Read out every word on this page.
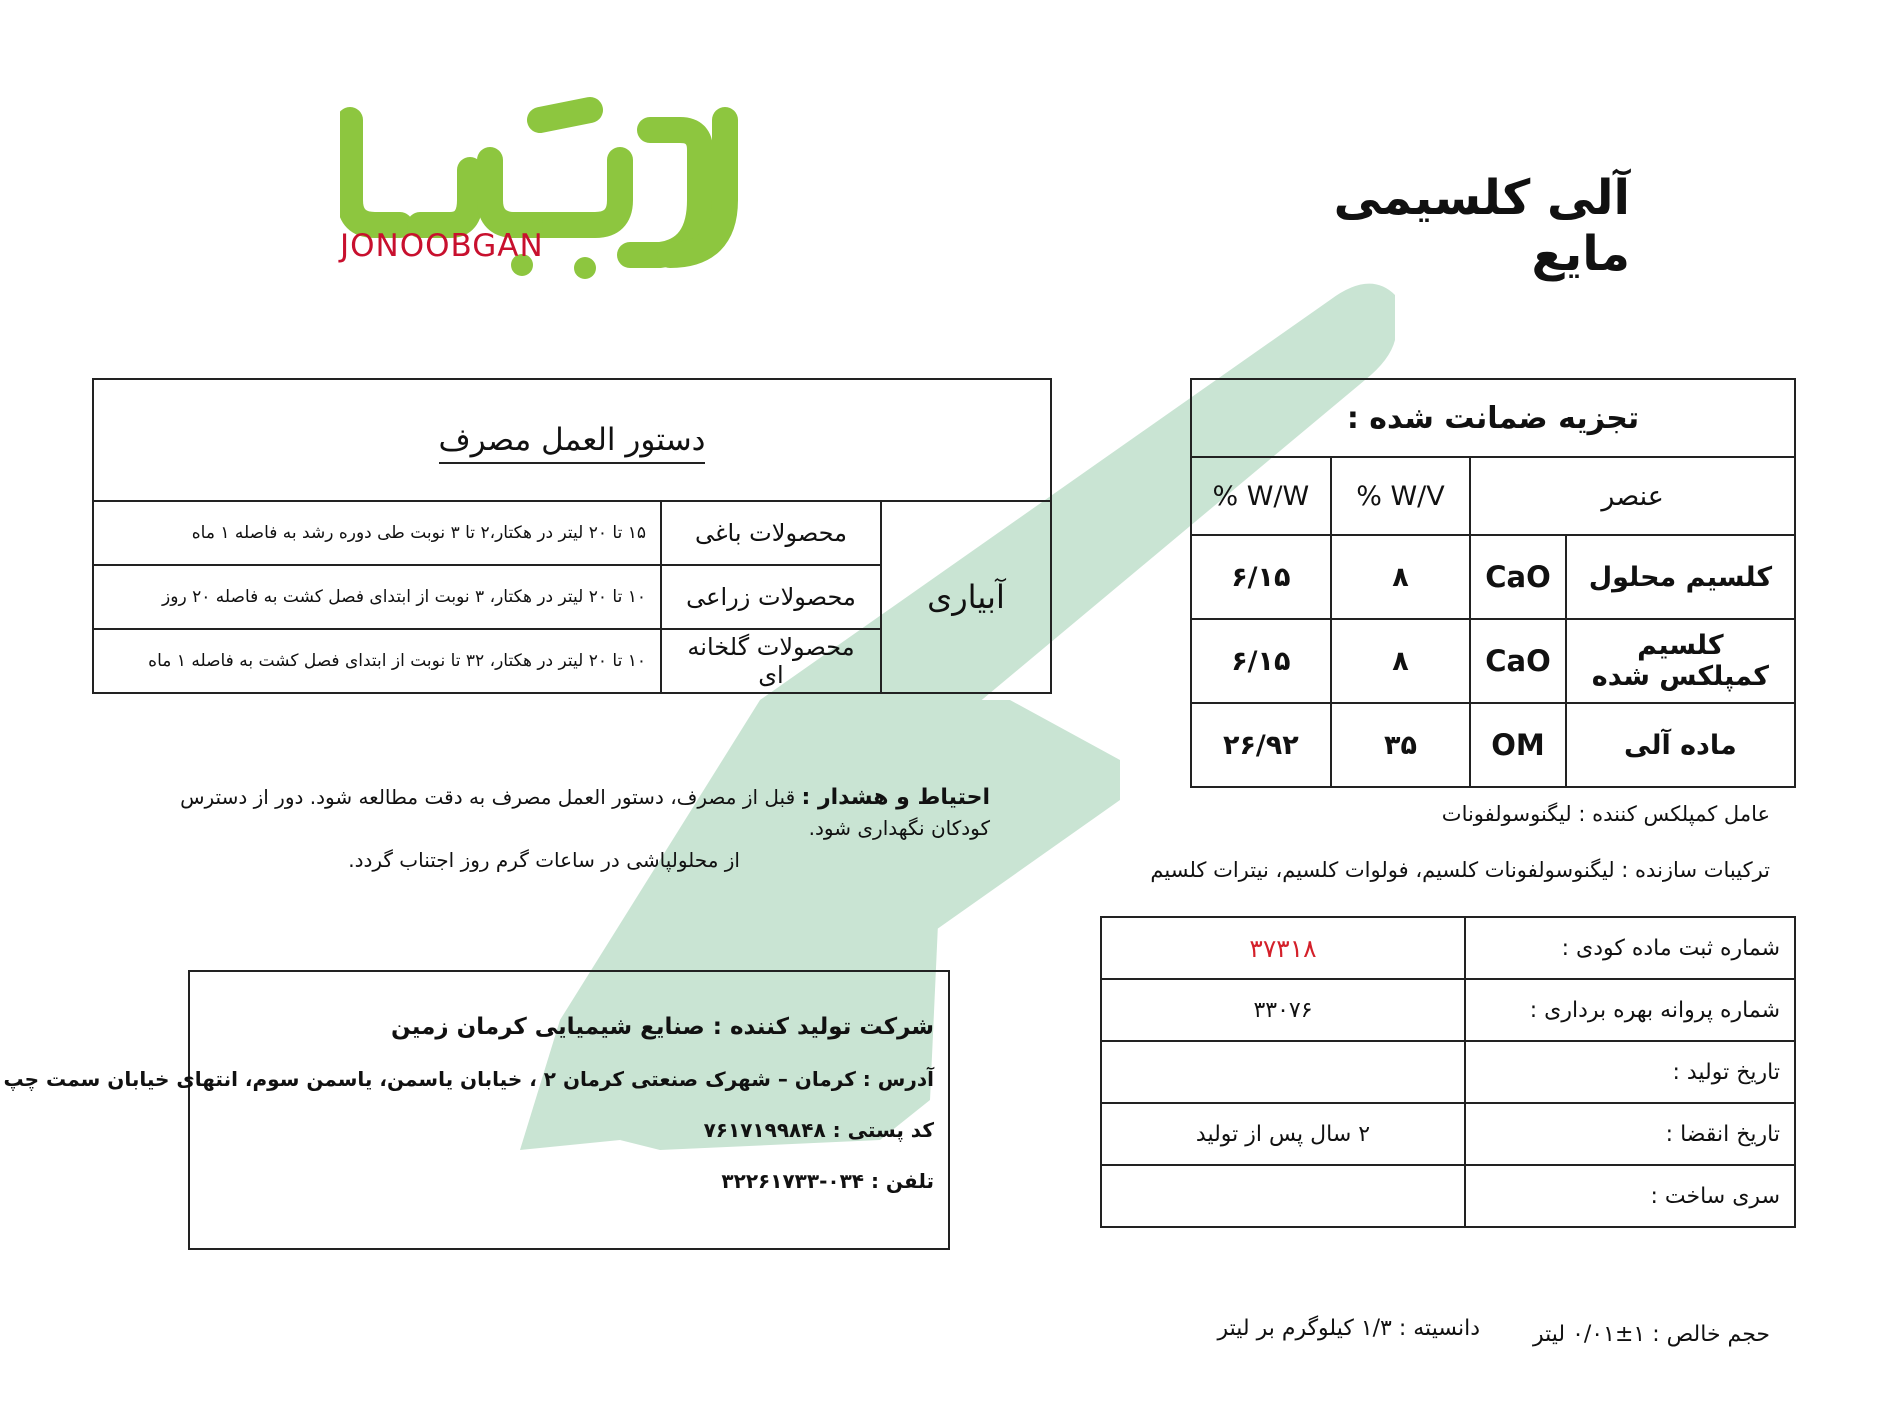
JONOOBGAN
آلی کلسیمی مایع
دستور العمل مصرف		
آبیاری	محصولات باغی	۱۵ تا ۲۰ لیتر در هکتار،۲ تا ۳ نوبت طی دوره رشد به فاصله ۱ ماه
	محصولات زراعی	۱۰ تا ۲۰ لیتر در هکتار، ۳ نوبت از ابتدای فصل کشت به فاصله ۲۰ روز
	محصولات گلخانه ای	۱۰ تا ۲۰ لیتر در هکتار، ۳۲ تا نوبت از ابتدای فصل کشت به فاصله ۱ ماه
تجزیه ضمانت شده :			
عنصر		% W/V	% W/W
کلسیم محلول	CaO	۸	۶/۱۵
کلسیم کمپلکس شده	CaO	۸	۶/۱۵
ماده آلی	OM	۳۵	۲۶/۹۲
عامل کمپلکس کننده : لیگنوسولفونات
ترکیبات سازنده : لیگنوسولفونات کلسیم، فولوات کلسیم، نیترات کلسیم
شماره ثبت ماده کودی :	۳۷۳۱۸
شماره پروانه بهره برداری :	۳۳۰۷۶
تاریخ تولید :	
تاریخ انقضا :	۲ سال پس از تولید
سری ساخت :	
احتیاط و هشدار : قبل از مصرف، دستور العمل مصرف به دقت مطالعه شود. دور از دسترس کودکان نگهداری شود.
از محلولپاشی در ساعات گرم روز اجتناب گردد.
شرکت تولید کننده : صنایع شیمیایی کرمان زمین
آدرس : کرمان – شهرک صنعتی کرمان ۲ ، خیابان یاسمن، یاسمن سوم، انتهای خیابان سمت چپ
کد پستی : ۷۶۱۷۱۹۹۸۴۸
تلفن : ۰۳۴-۳۲۲۶۱۷۳۳
حجم خالص : ۱±۰/۰۱ لیتر
دانسیته : ۱/۳ کیلوگرم بر لیتر
